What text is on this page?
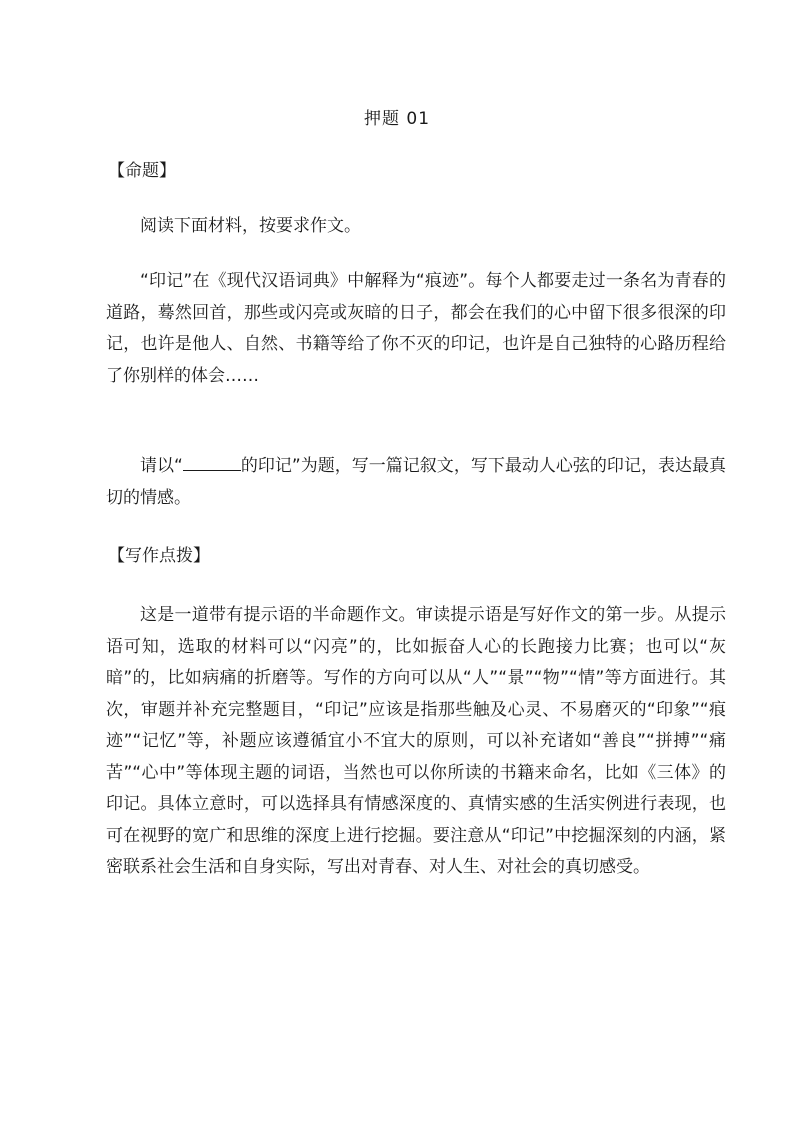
押题 01

【命题】

阅读下面材料，按要求作文。

“印记”在《现代汉语词典》中解释为“痕迹”。每个人都要走过一条名为青春的道路，蓦然回首，那些或闪亮或灰暗的日子，都会在我们的心中留下很多很深的印记，也许是他人、自然、书籍等给了你不灭的印记，也许是自己独特的心路历程给了你别样的体会……

请以“	的印记”为题，写一篇记叙文，写下最动人心弦的印记，表达最真切的情感。

【写作点拨】

这是一道带有提示语的半命题作文。审读提示语是写好作文的第一步。从提示语可知，选取的材料可以“闪亮”的，比如振奋人心的长跑接力比赛；也可以“灰暗”的，比如病痛的折磨等。写作的方向可以从“人”“景”“物”“情”等方面进行。其次，审题并补充完整题目，“印记”应该是指那些触及心灵、不易磨灭的“印象”“痕迹”“记忆”等，补题应该遵循宜小不宜大的原则，可以补充诸如“善良”“拼搏”“痛苦”“心中”等体现主题的词语，当然也可以你所读的书籍来命名，比如《三体》的印记。具体立意时，可以选择具有情感深度的、真情实感的生活实例进行表现，也可在视野的宽广和思维的深度上进行挖掘。要注意从“印记”中挖掘深刻的内涵，紧密联系社会生活和自身实际，写出对青春、对人生、对社会的真切感受。
